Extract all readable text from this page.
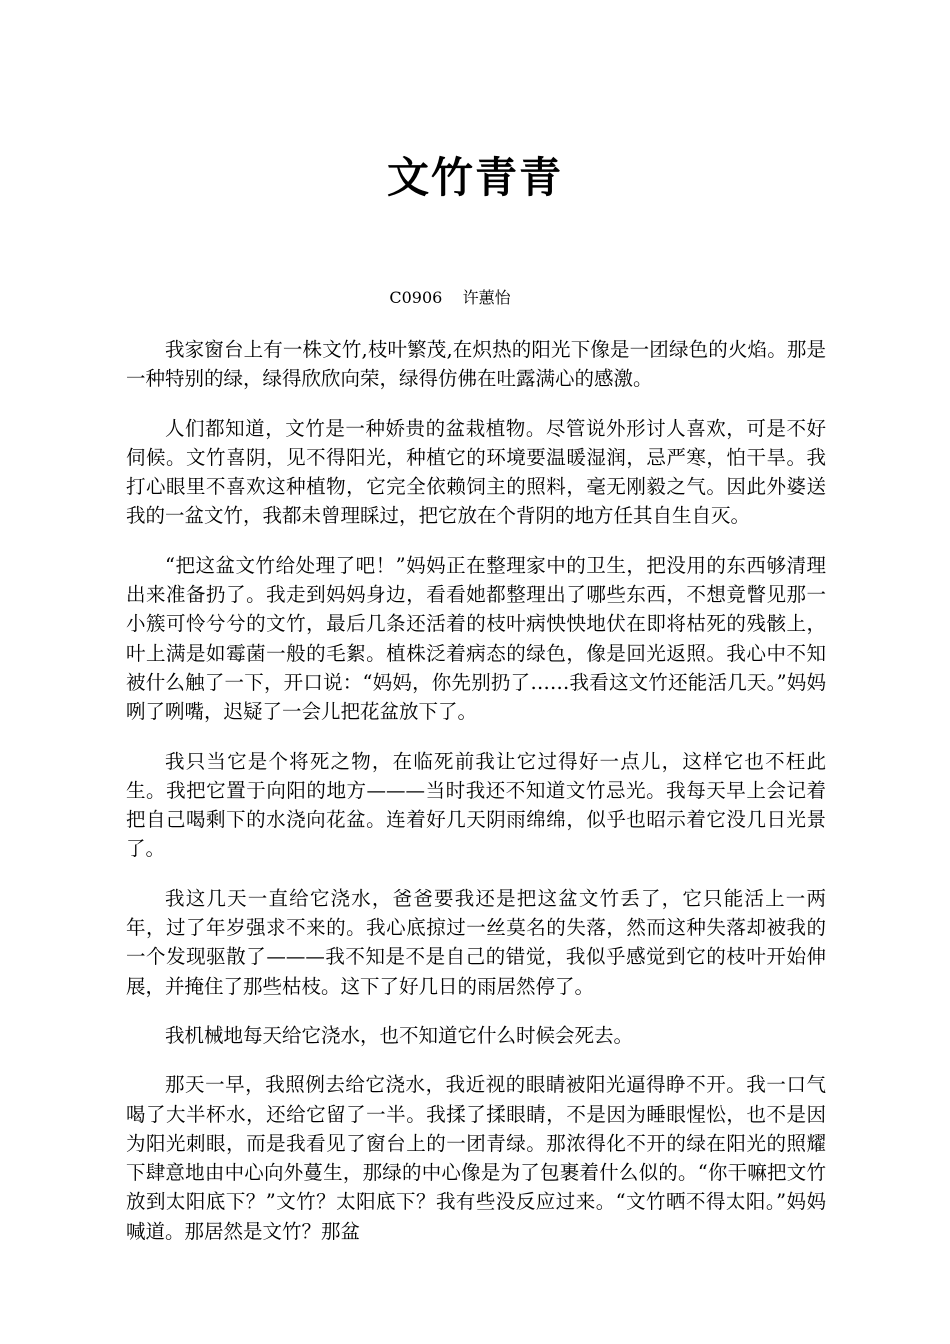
文竹青青
C0906    许蕙怡

我家窗台上有一株文竹,枝叶繁茂,在炽热的阳光下像是一团绿色的火焰。那是一种特别的绿，绿得欣欣向荣，绿得仿佛在吐露满心的感激。

人们都知道，文竹是一种娇贵的盆栽植物。尽管说外形讨人喜欢，可是不好伺候。文竹喜阴，见不得阳光，种植它的环境要温暖湿润，忌严寒，怕干旱。我打心眼里不喜欢这种植物，它完全依赖饲主的照料，毫无刚毅之气。因此外婆送我的一盆文竹，我都未曾理睬过，把它放在个背阴的地方任其自生自灭。

“把这盆文竹给处理了吧！”妈妈正在整理家中的卫生，把没用的东西够清理出来准备扔了。我走到妈妈身边，看看她都整理出了哪些东西，不想竟瞥见那一小簇可怜兮兮的文竹，最后几条还活着的枝叶病怏怏地伏在即将枯死的残骸上，叶上满是如霉菌一般的毛絮。植株泛着病态的绿色，像是回光返照。我心中不知被什么触了一下，开口说：“妈妈，你先别扔了……我看这文竹还能活几天。”妈妈咧了咧嘴，迟疑了一会儿把花盆放下了。

我只当它是个将死之物，在临死前我让它过得好一点儿，这样它也不枉此生。我把它置于向阳的地方———当时我还不知道文竹忌光。我每天早上会记着把自己喝剩下的水浇向花盆。连着好几天阴雨绵绵，似乎也昭示着它没几日光景了。

我这几天一直给它浇水，爸爸要我还是把这盆文竹丢了，它只能活上一两年，过了年岁强求不来的。我心底掠过一丝莫名的失落，然而这种失落却被我的一个发现驱散了———我不知是不是自己的错觉，我似乎感觉到它的枝叶开始伸展，并掩住了那些枯枝。这下了好几日的雨居然停了。

我机械地每天给它浇水，也不知道它什么时候会死去。

那天一早，我照例去给它浇水，我近视的眼睛被阳光逼得睁不开。我一口气喝了大半杯水，还给它留了一半。我揉了揉眼睛，不是因为睡眼惺忪，也不是因为阳光刺眼，而是我看见了窗台上的一团青绿。那浓得化不开的绿在阳光的照耀下肆意地由中心向外蔓生，那绿的中心像是为了包裹着什么似的。“你干嘛把文竹放到太阳底下？”文竹？太阳底下？我有些没反应过来。“文竹晒不得太阳。”妈妈喊道。那居然是文竹？那盆
